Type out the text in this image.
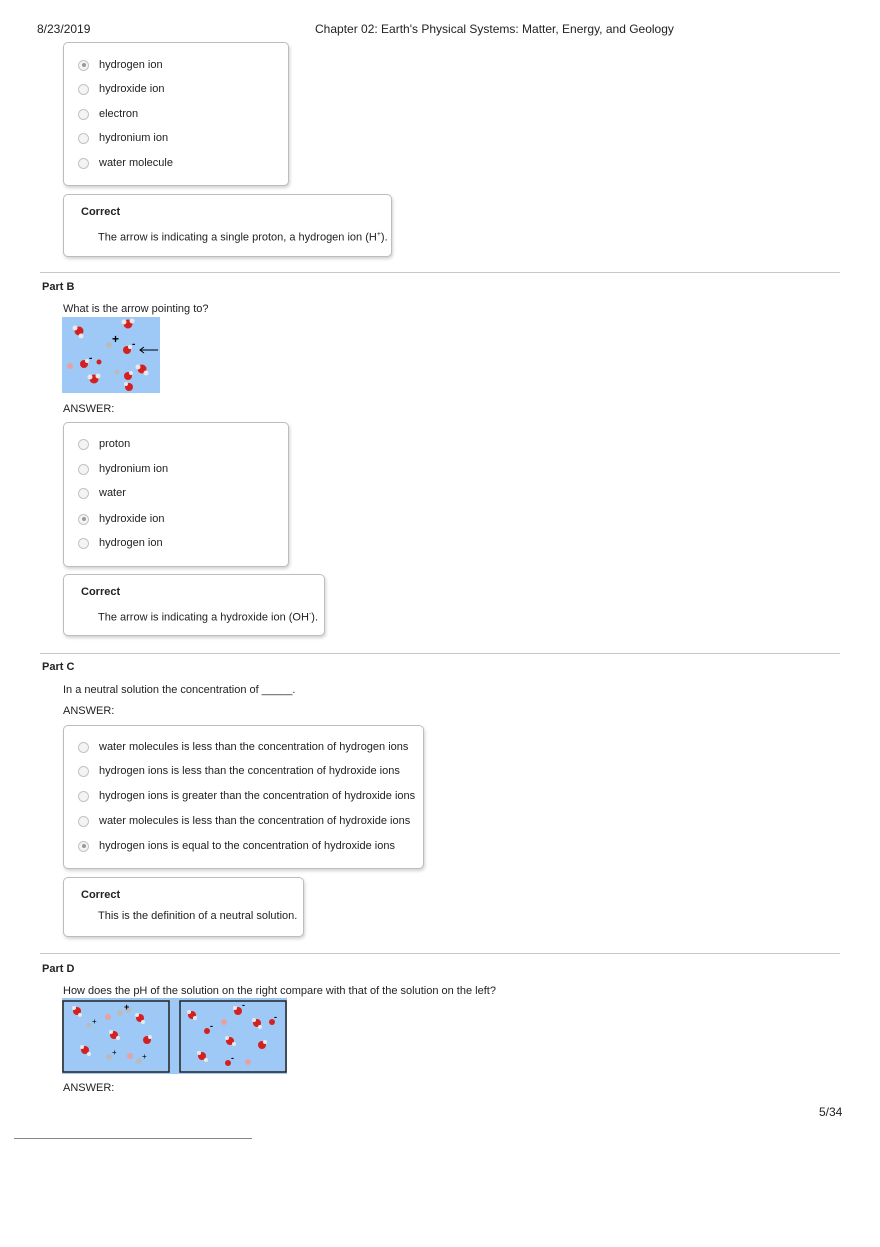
8/23/2019	Chapter 02: Earth's Physical Systems: Matter, Energy, and Geology
hydrogen ion
hydroxide ion
electron
hydronium ion
water molecule
Correct
The arrow is indicating a single proton, a hydrogen ion (H+).
Part B
What is the arrow pointing to?
+ -
-
ANSWER:
proton
hydronium ion
water
hydroxide ion
hydrogen ion
Correct
The arrow is indicating a hydroxide ion (OH-).
Part C
In a neutral solution the concentration of _____.
ANSWER:
water molecules is less than the concentration of hydrogen ions
hydrogen ions is less than the concentration of hydroxide ions
hydrogen ions is greater than the concentration of hydroxide ions
water molecules is less than the concentration of hydroxide ions
hydrogen ions is equal to the concentration of hydroxide ions
Correct
This is the definition of a neutral solution.
Part D
How does the pH of the solution on the right compare with that of the solution on the left?
+
+
+	+
-
-
-
-
ANSWER:
5/34
